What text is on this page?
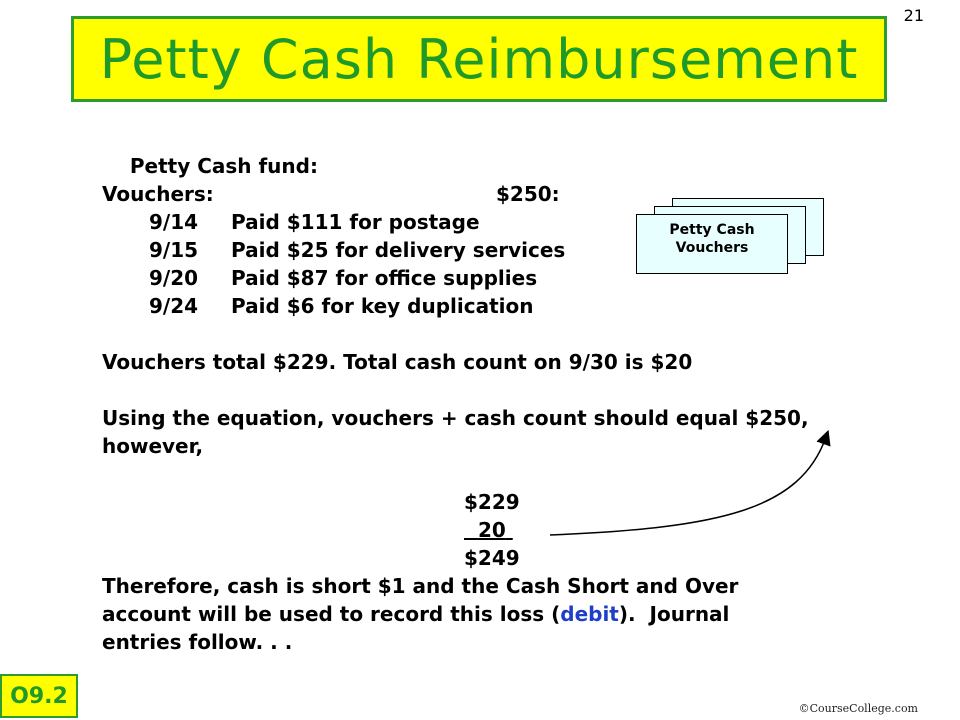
21
Petty Cash Reimbursement

Petty Cash fund:

$250:

Vouchers:
9/14	Paid $111 for postage
9/15	Paid $25 for delivery services
9/20	Paid $87 for office supplies
9/24	Paid $6 for key duplication
Vouchers total $229. Total cash count on 9/30 is $20
Using the equation, vouchers + cash count should equal $250,
however,

$229

20

$249

Therefore, cash is short $1 and the Cash Short and Over
account will be used to record this loss (debit).  Journal
entries follow. . .
Petty Cash
Vouchers
O9.2	©CourseCollege.com
